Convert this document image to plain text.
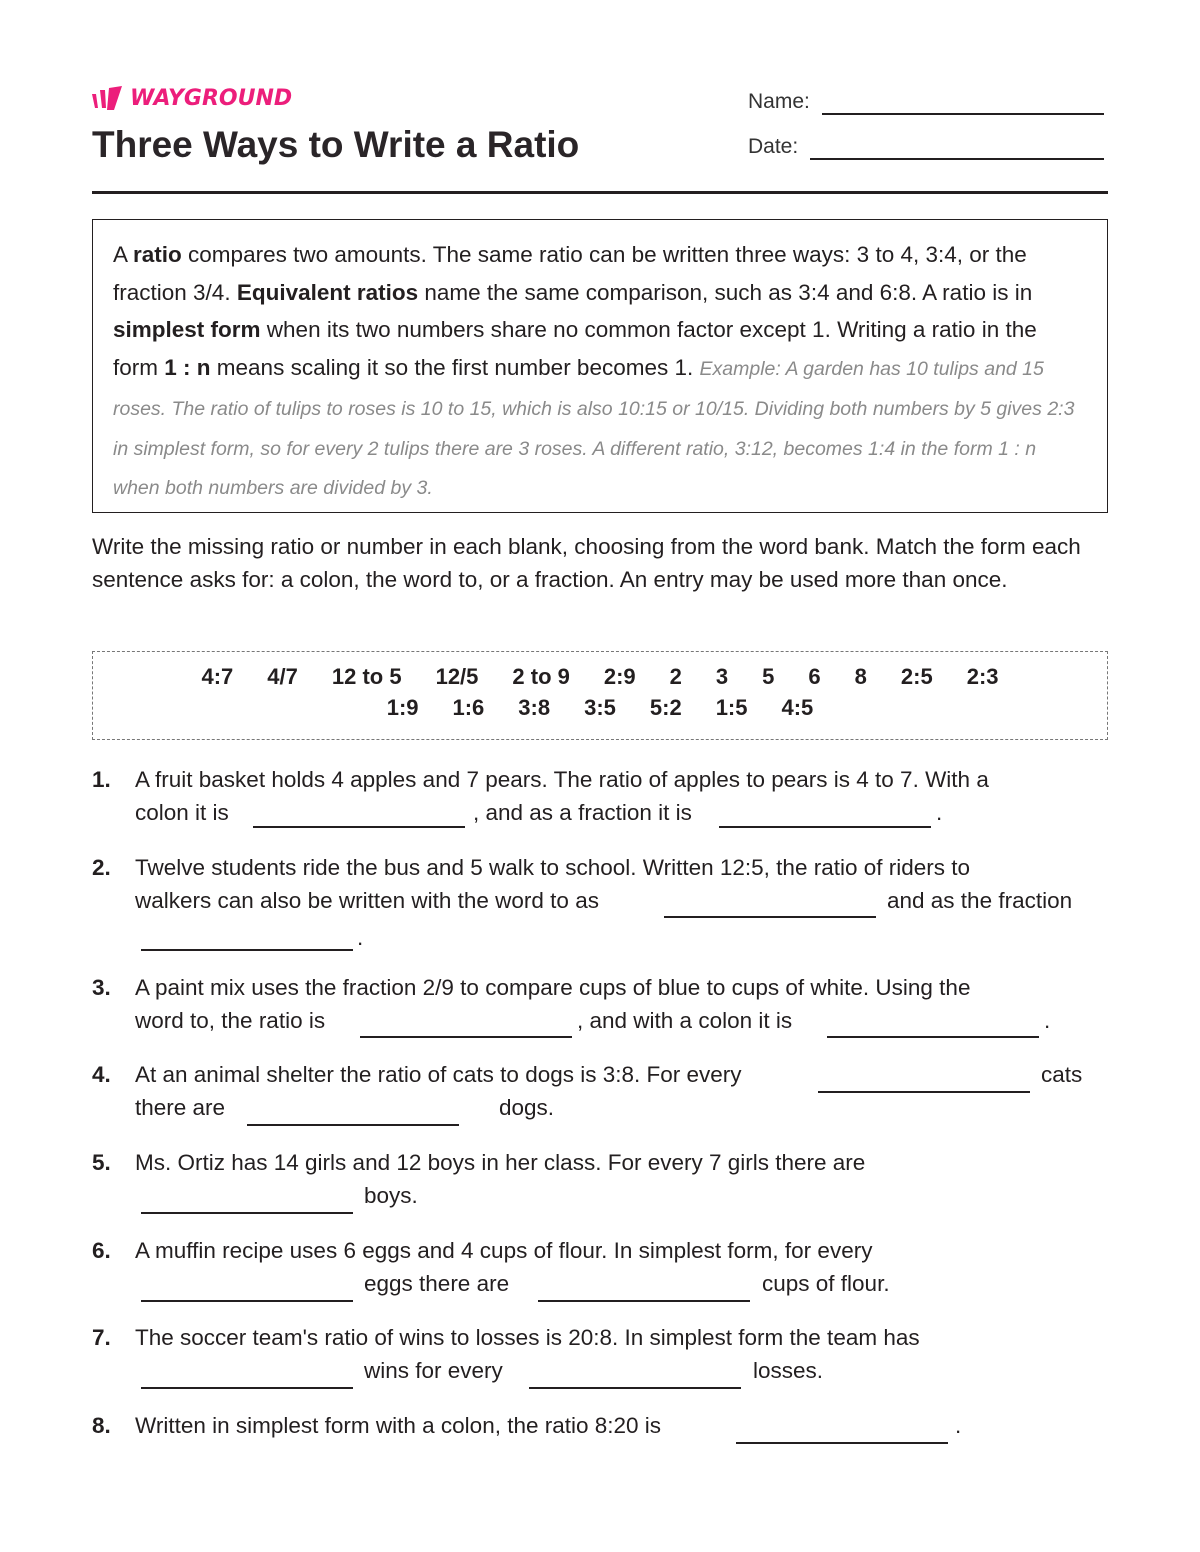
WAYGROUND
Three Ways to Write a Ratio
Name:
Date:
A ratio compares two amounts. The same ratio can be written three ways: 3 to 4, 3:4, or the fraction 3/4. Equivalent ratios name the same comparison, such as 3:4 and 6:8. A ratio is in simplest form when its two numbers share no common factor except 1. Writing a ratio in the form 1 : n means scaling it so the first number becomes 1. Example: A garden has 10 tulips and 15 roses. The ratio of tulips to roses is 10 to 15, which is also 10:15 or 10/15. Dividing both numbers by 5 gives 2:3 in simplest form, so for every 2 tulips there are 3 roses. A different ratio, 3:12, becomes 1:4 in the form 1 : n when both numbers are divided by 3.
Write the missing ratio or number in each blank, choosing from the word bank. Match the form each sentence asks for: a colon, the word to, or a fraction. An entry may be used more than once.
4:7 4/7 12 to 5 12/5 2 to 9 2:9 2 3 5 6 8 2:5 2:3
1:9 1:6 3:8 3:5 5:2 1:5 4:5
1. A fruit basket holds 4 apples and 7 pears. The ratio of apples to pears is 4 to 7. With a
colon it is	, and as a fraction it is	.
2. Twelve students ride the bus and 5 walk to school. Written 12:5, the ratio of riders to
walkers can also be written with the word to as	and as the fraction
.
3. A paint mix uses the fraction 2/9 to compare cups of blue to cups of white. Using the
word to, the ratio is	, and with a colon it is	.
4. At an animal shelter the ratio of cats to dogs is 3:8. For every	cats
there are	dogs.
5. Ms. Ortiz has 14 girls and 12 boys in her class. For every 7 girls there are
boys.
6. A muffin recipe uses 6 eggs and 4 cups of flour. In simplest form, for every
eggs there are	cups of flour.
7. The soccer team's ratio of wins to losses is 20:8. In simplest form the team has
wins for every	losses.
8. Written in simplest form with a colon, the ratio 8:20 is	.
